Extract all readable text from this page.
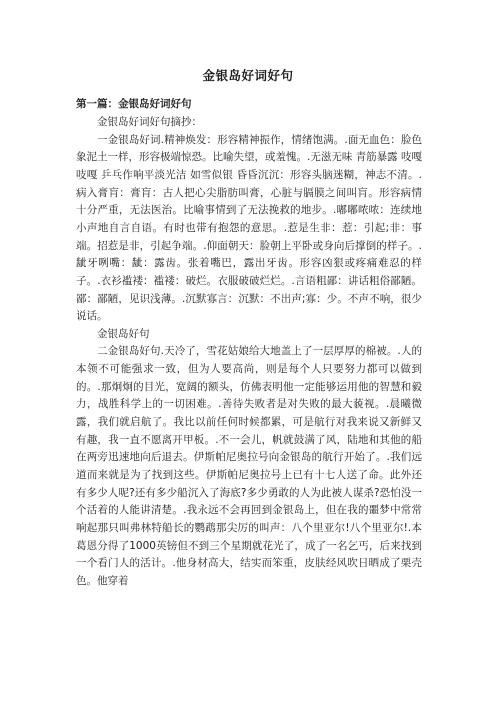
金银岛好词好句
第一篇：金银岛好词好句
金银岛好词好句摘抄：
一金银岛好词.精神焕发：形容精神振作，情绪饱满。.面无血色：脸色象泥土一样，形容极端惊恐。比喻失望，或羞愧。.无滋无味 青筋暴露 吱嘎吱嘎 乒乓作响平淡光洁 如雪似银 昏昏沉沉：形容头脑迷糊，神志不清。.病入膏肓：膏肓：古人把心尖脂肪叫膏，心脏与膈膜之间叫肓。形容病情十分严重，无法医治。比喻事情到了无法挽救的地步。.嘟嘟哝哝：连续地小声地自言自语。有时也带有抱怨的意思。.惹是生非：惹：引起;非：事端。招惹是非，引起争端。.仰面朝天：脸朝上平卧或身向后撑倒的样子。.龇牙咧嘴：龇：露齿。张着嘴巴，露出牙齿。形容凶狠或疼痛难忍的样子。.衣衫褴褛：褴褛：破烂。衣服破破烂烂。.言语粗鄙：讲话粗俗鄙陋。鄙：鄙陋，见识浅薄。.沉默寡言：沉默：不出声;寡：少。不声不响，很少说话。
金银岛好句
二金银岛好句.天冷了，雪花姑娘给大地盖上了一层厚厚的棉被。.人的本领不可能强求一致，但为人要高尚，则是每个人只要努力都可以做到的。.那炯炯的目光，宽阔的额头，仿佛表明他一定能够运用他的智慧和毅力，战胜科学上的一切困难。.善待失败者是对失败的最大藐视。.晨曦微露，我们就启航了。我比以前任何时候都累，可是航行对我来说又新鲜又有趣，我一直不愿离开甲板。.不一会儿，帆就鼓满了风，陆地和其他的船在两旁迅速地向后退去。伊斯帕尼奥拉号向金银岛的航行开始了。.我们远道而来就是为了找到这些。伊斯帕尼奥拉号上已有十七人送了命。此外还有多少人呢?还有多少船沉入了海底?多少勇敢的人为此被人谋杀?恐怕没一个活着的人能讲清楚。.我永远不会再回到金银岛上，但在我的噩梦中常常响起那只叫弗林特船长的鹦鹉那尖厉的叫声：八个里亚尔!八个里亚尔!.本葛恩分得了1000英镑但不到三个星期就花光了，成了一名乞丐，后来找到一个看门人的活计。.他身材高大，结实而笨重，皮肤经风吹日晒成了栗壳色。他穿着
